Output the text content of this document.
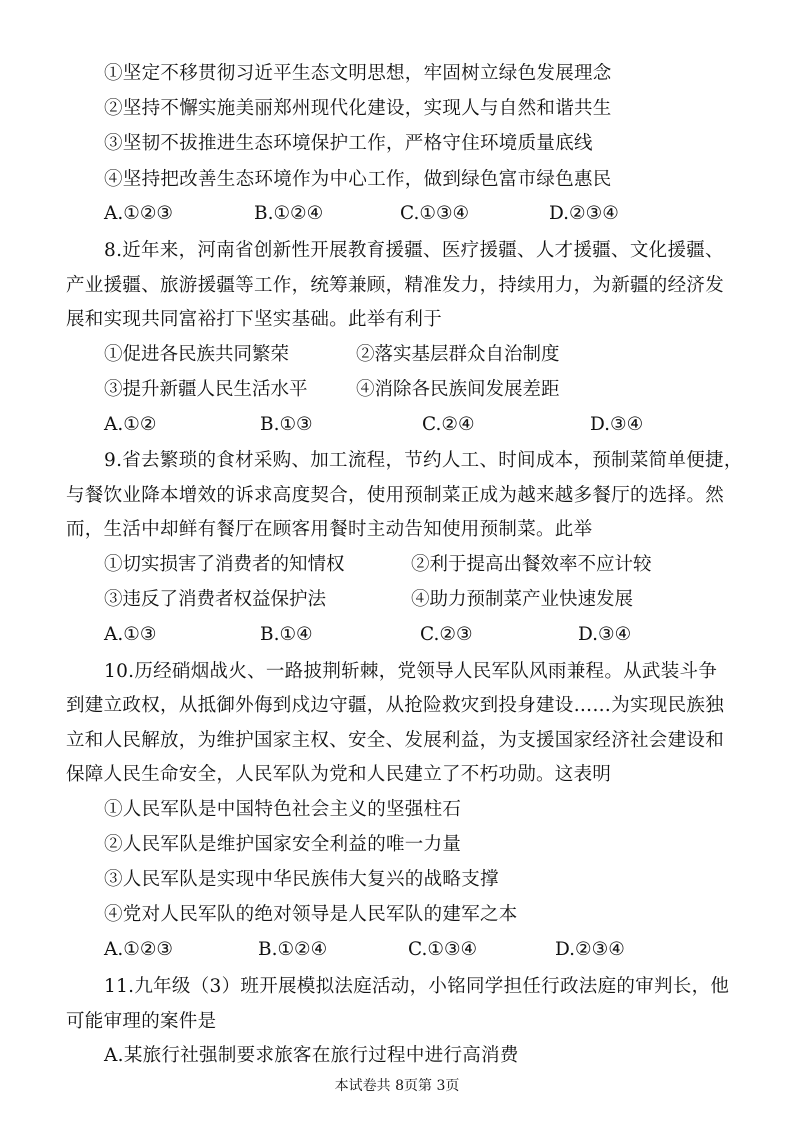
①坚定不移贯彻习近平生态文明思想，牢固树立绿色发展理念
②坚持不懈实施美丽郑州现代化建设，实现人与自然和谐共生
③坚韧不拔推进生态环境保护工作，严格守住环境质量底线
④坚持把改善生态环境作为中心工作，做到绿色富市绿色惠民
A.①②③	B.①②④	C.①③④	D.②③④
8.近年来，河南省创新性开展教育援疆、医疗援疆、人才援疆、文化援疆、
产业援疆、旅游援疆等工作，统筹兼顾，精准发力，持续用力，为新疆的经济发
展和实现共同富裕打下坚实基础。此举有利于
①促进各民族共同繁荣	②落实基层群众自治制度
③提升新疆人民生活水平	④消除各民族间发展差距
A.①②	B.①③	C.②④	D.③④
9.省去繁琐的食材采购、加工流程，节约人工、时间成本，预制菜简单便捷，
与餐饮业降本增效的诉求高度契合，使用预制菜正成为越来越多餐厅的选择。然
而，生活中却鲜有餐厅在顾客用餐时主动告知使用预制菜。此举
①切实损害了消费者的知情权	②利于提高出餐效率不应计较
③违反了消费者权益保护法	④助力预制菜产业快速发展
A.①③	B.①④	C.②③	D.③④
10.历经硝烟战火、一路披荆斩棘，党领导人民军队风雨兼程。从武装斗争
到建立政权，从抵御外侮到戍边守疆，从抢险救灾到投身建设……为实现民族独
立和人民解放，为维护国家主权、安全、发展利益，为支援国家经济社会建设和
保障人民生命安全，人民军队为党和人民建立了不朽功勋。这表明
①人民军队是中国特色社会主义的坚强柱石
②人民军队是维护国家安全利益的唯一力量
③人民军队是实现中华民族伟大复兴的战略支撑
④党对人民军队的绝对领导是人民军队的建军之本
A.①②③	B.①②④	C.①③④	D.②③④
11.九年级（3）班开展模拟法庭活动，小铭同学担任行政法庭的审判长，他
可能审理的案件是
A.某旅行社强制要求旅客在旅行过程中进行高消费
本试卷共 8页第 3页
